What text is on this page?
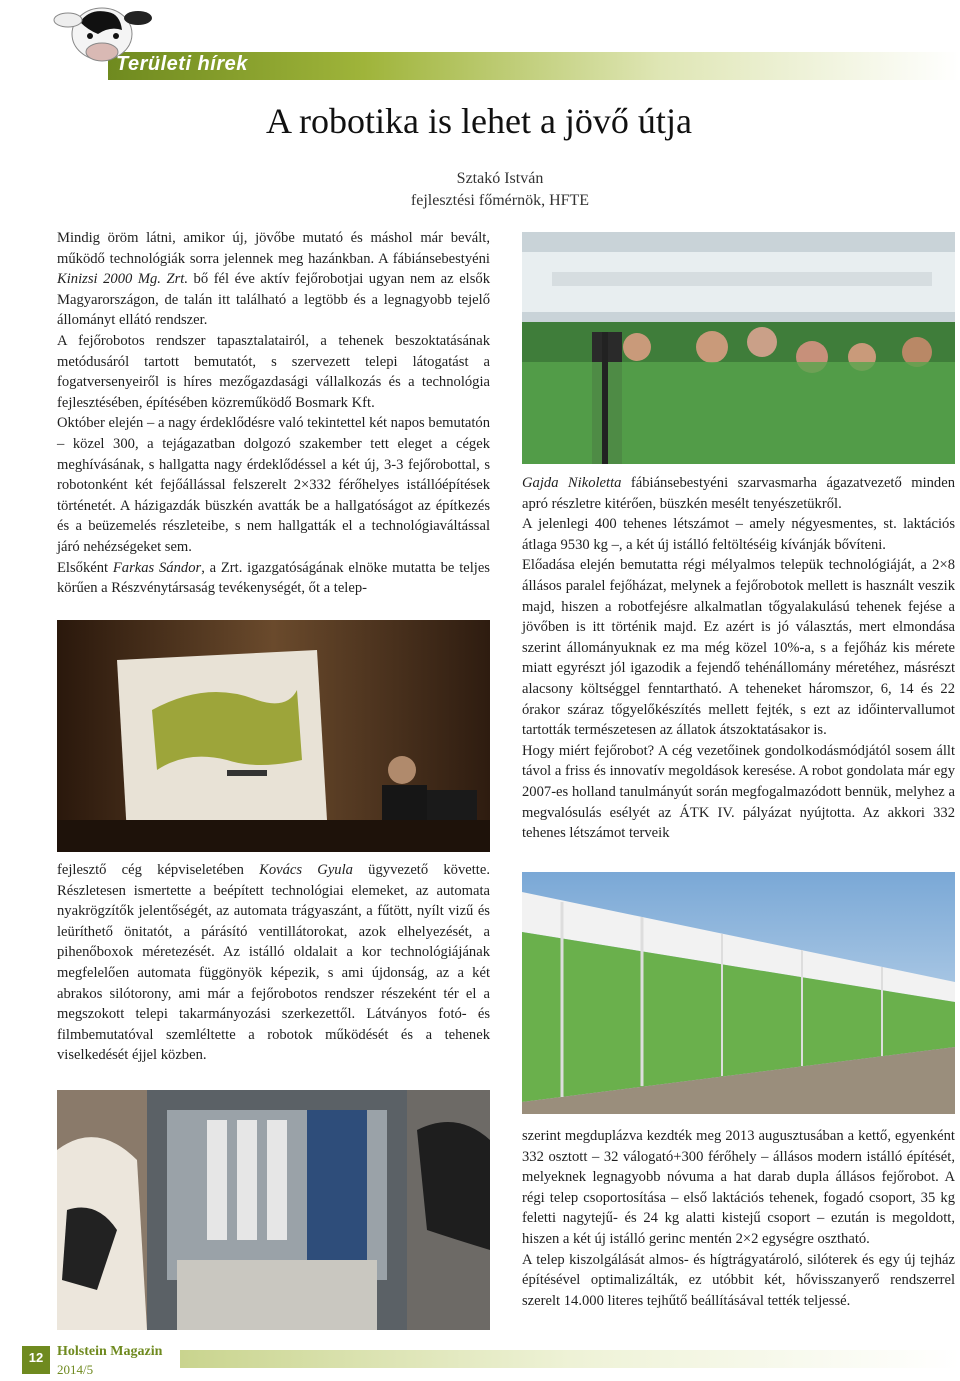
Területi hírek
A robotika is lehet a jövő útja
Sztakó István
fejlesztési főmérnök, HFTE

Mindig öröm látni, amikor új, jövőbe mutató és máshol már bevált, működő technológiák sorra jelennek meg hazánkban. A fábiánsebestyéni Kinizsi 2000 Mg. Zrt. bő fél éve aktív fejőrobotjai ugyan nem az elsők Magyarországon, de talán itt található a legtöbb és a legnagyobb tejelő állományt ellátó rendszer.

A fejőrobotos rendszer tapasztalatairól, a tehenek beszoktatásának metódusáról tartott bemutatót, s szervezett telepi látogatást a fogatversenyeiről is híres mezőgazdasági vállalkozás és a technológia fejlesztésében, építésében közreműködő Bosmark Kft.

Október elején – a nagy érdeklődésre való tekintettel két napos bemutatón – közel 300, a tejágazatban dolgozó szakember tett eleget a cégek meghívásának, s hallgatta nagy érdeklődéssel a két új, 3-3 fejőrobottal, s robotonként két fejőállással felszerelt 2×332 férőhelyes istállóépítések történetét. A házigazdák büszkén avatták be a hallgatóságot az építkezés és a beüzemelés részleteibe, s nem hallgatták el a technológiaváltással járó nehézségeket sem.

Elsőként Farkas Sándor, a Zrt. igazgatóságának elnöke mutatta be teljes körűen a Részvénytársaság tevékenységét, őt a telep-

fejlesztő cég képviseletében Kovács Gyula ügyvezető követte. Részletesen ismertette a beépített technológiai elemeket, az automata nyakrögzítők jelentőségét, az automata trágyaszánt, a fűtött, nyílt vizű és leüríthető önitatót, a párásító ventillátorokat, azok elhelyezését, a pihenőboxok méretezését. Az istálló oldalait a kor technológiájának megfelelően automata függönyök képezik, s ami újdonság, az a két abrakos silótorony, ami már a fejőrobotos rendszer részeként tér el a megszokott telepi takarmányozási szerkezettől. Látványos fotó- és filmbemutatóval szemléltette a robotok működését és a tehenek viselkedését éjjel közben.

Gajda Nikoletta fábiánsebestyéni szarvasmarha ágazatvezető minden apró részletre kitérően, büszkén mesélt tenyészetükről.

A jelenlegi 400 tehenes létszámot – amely négyesmentes, st. laktációs átlaga 9530 kg –, a két új istálló feltöltéséig kívánják bővíteni.

Előadása elején bemutatta régi mélyalmos telepük technológiáját, a 2×8 állásos paralel fejőházat, melynek a fejőrobotok mellett is használt veszik majd, hiszen a robotfejésre alkalmatlan tőgyalakulású tehenek fejése a jövőben is itt történik majd. Ez azért is jó választás, mert elmondása szerint állományuknak ez ma még közel 10%-a, s a fejőház kis mérete miatt egyrészt jól igazodik a fejendő tehénállomány méretéhez, másrészt alacsony költséggel fenntartható. A teheneket háromszor, 6, 14 és 22 órakor száraz tőgyelőkészítés mellett fejték, s ezt az időintervallumot tartották természetesen az állatok átszoktatásakor is.

Hogy miért fejőrobot? A cég vezetőinek gondolkodásmódjától sosem állt távol a friss és innovatív megoldások keresése. A robot gondolata már egy 2007-es holland tanulmányút során megfogalmazódott bennük, melyhez a megvalósulás esélyét az ÁTK IV. pályázat nyújtotta. Az akkori 332 tehenes létszámot terveik

szerint megduplázva kezdték meg 2013 augusztusában a kettő, egyenként 332 osztott – 32 válogató+300 férőhely – állásos modern istálló építését, melyeknek legnagyobb nóvuma a hat darab dupla állásos fejőrobot. A régi telep csoportosítása – első laktációs tehenek, fogadó csoport, 35 kg feletti nagytejű- és 24 kg alatti kistejű csoport – ezután is megoldott, hiszen a két új istálló gerinc mentén 2×2 egységre osztható.

A telep kiszolgálását almos- és hígtrágyatároló, silóterek és egy új tejház építésével optimalizálták, ez utóbbit két, hővisszanyerő rendszerrel szerelt 14.000 literes tejhűtő beállításával tették teljessé.

12 Holstein Magazin
2014/5
